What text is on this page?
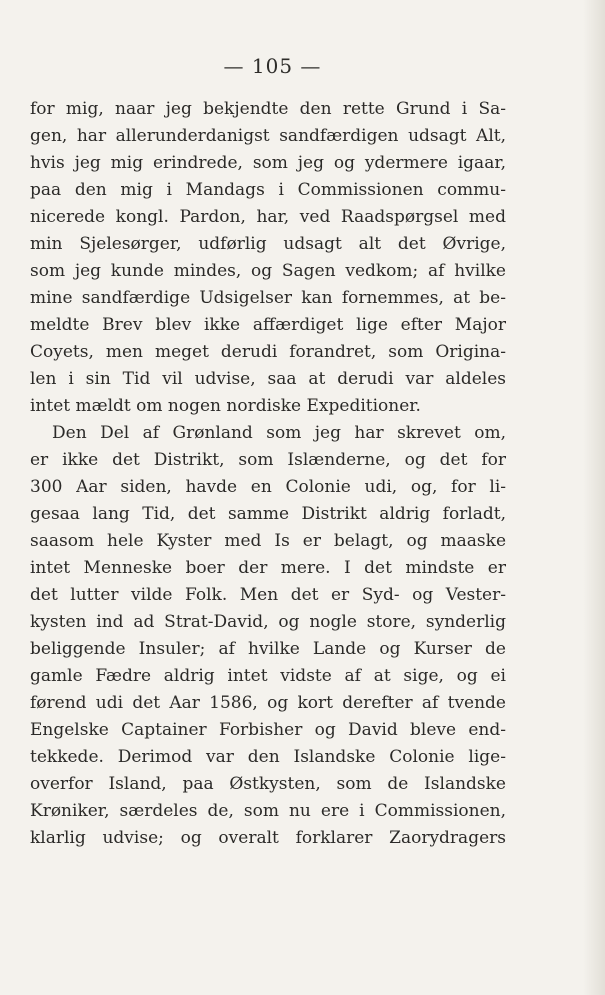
— 105 —
for mig, naar jeg bekjendte den rette Grund i Sa-
gen, har allerunderdanigst sandfærdigen udsagt Alt,
hvis jeg mig erindrede, som jeg og ydermere igaar,
paa den mig i Mandags i Commissionen commu-
nicerede kongl. Pardon, har, ved Raadspørgsel med
min Sjelesørger, udførlig udsagt alt det Øvrige,
som jeg kunde mindes, og Sagen vedkom; af hvilke
mine sandfærdige Udsigelser kan fornemmes, at be-
meldte Brev blev ikke affærdiget lige efter Major
Coyets, men meget derudi forandret, som Origina-
len i sin Tid vil udvise, saa at derudi var aldeles
intet mældt om nogen nordiske Expeditioner.
Den Del af Grønland som jeg har skrevet om,
er ikke det Distrikt, som Islænderne, og det for
300 Aar siden, havde en Colonie udi, og, for li-
gesaa lang Tid, det samme Distrikt aldrig forladt,
saasom hele Kyster med Is er belagt, og maaske
intet Menneske boer der mere. I det mindste er
det lutter vilde Folk. Men det er Syd- og Vester-
kysten ind ad Strat-David, og nogle store, synderlig
beliggende Insuler; af hvilke Lande og Kurser de
gamle Fædre aldrig intet vidste af at sige, og ei
førend udi det Aar 1586, og kort derefter af tvende
Engelske Captainer Forbisher og David bleve end-
tekkede. Derimod var den Islandske Colonie lige-
overfor Island, paa Østkysten, som de Islandske
Krøniker, særdeles de, som nu ere i Commissionen,
klarlig udvise; og overalt forklarer Zaorydragers
